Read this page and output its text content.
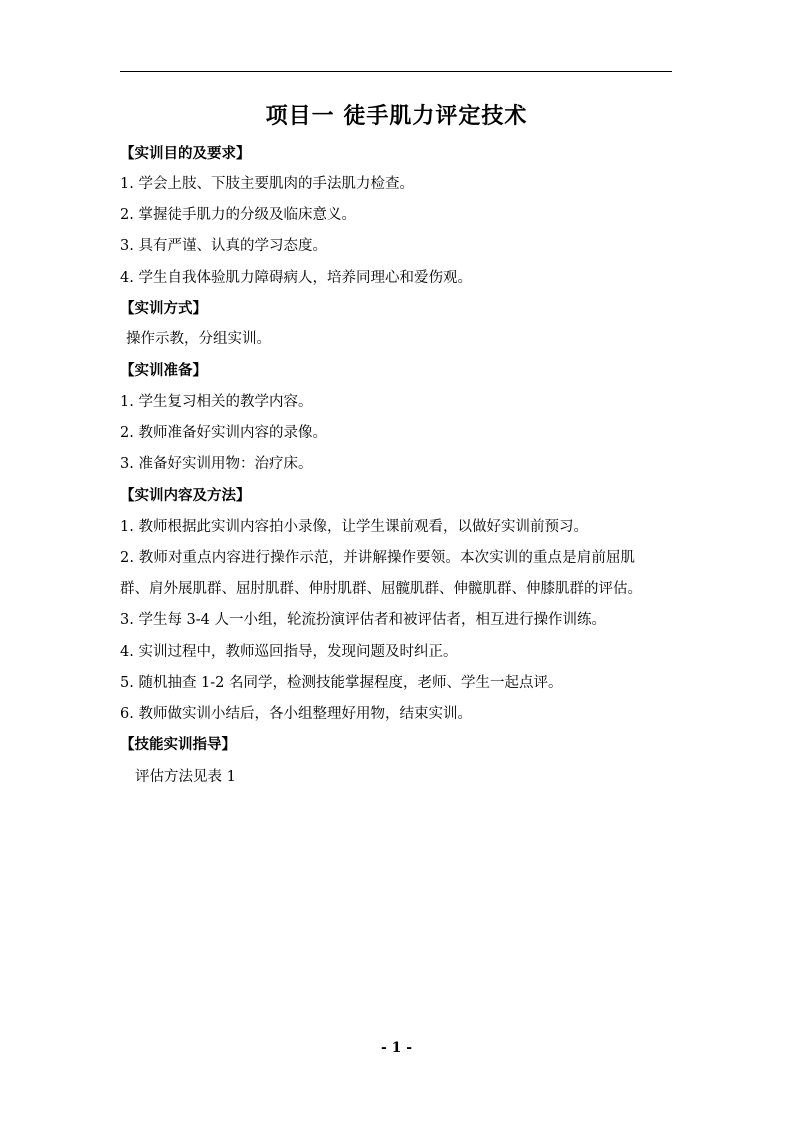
项目一 徒手肌力评定技术
【实训目的及要求】
1. 学会上肢、下肢主要肌肉的手法肌力检查。
2. 掌握徒手肌力的分级及临床意义。
3. 具有严谨、认真的学习态度。
4. 学生自我体验肌力障碍病人，培养同理心和爱伤观。
【实训方式】
操作示教，分组实训。
【实训准备】
1. 学生复习相关的教学内容。
2. 教师准备好实训内容的录像。
3. 准备好实训用物：治疗床。
【实训内容及方法】
1. 教师根据此实训内容拍小录像，让学生课前观看，以做好实训前预习。
2. 教师对重点内容进行操作示范，并讲解操作要领。本次实训的重点是肩前屈肌
群、肩外展肌群、屈肘肌群、伸肘肌群、屈髋肌群、伸髋肌群、伸膝肌群的评估。
3. 学生每 3-4 人一小组，轮流扮演评估者和被评估者，相互进行操作训练。
4. 实训过程中，教师巡回指导，发现问题及时纠正。
5. 随机抽查 1-2 名同学，检测技能掌握程度，老师、学生一起点评。
6. 教师做实训小结后，各小组整理好用物，结束实训。
【技能实训指导】
评估方法见表 1
- 1 -
